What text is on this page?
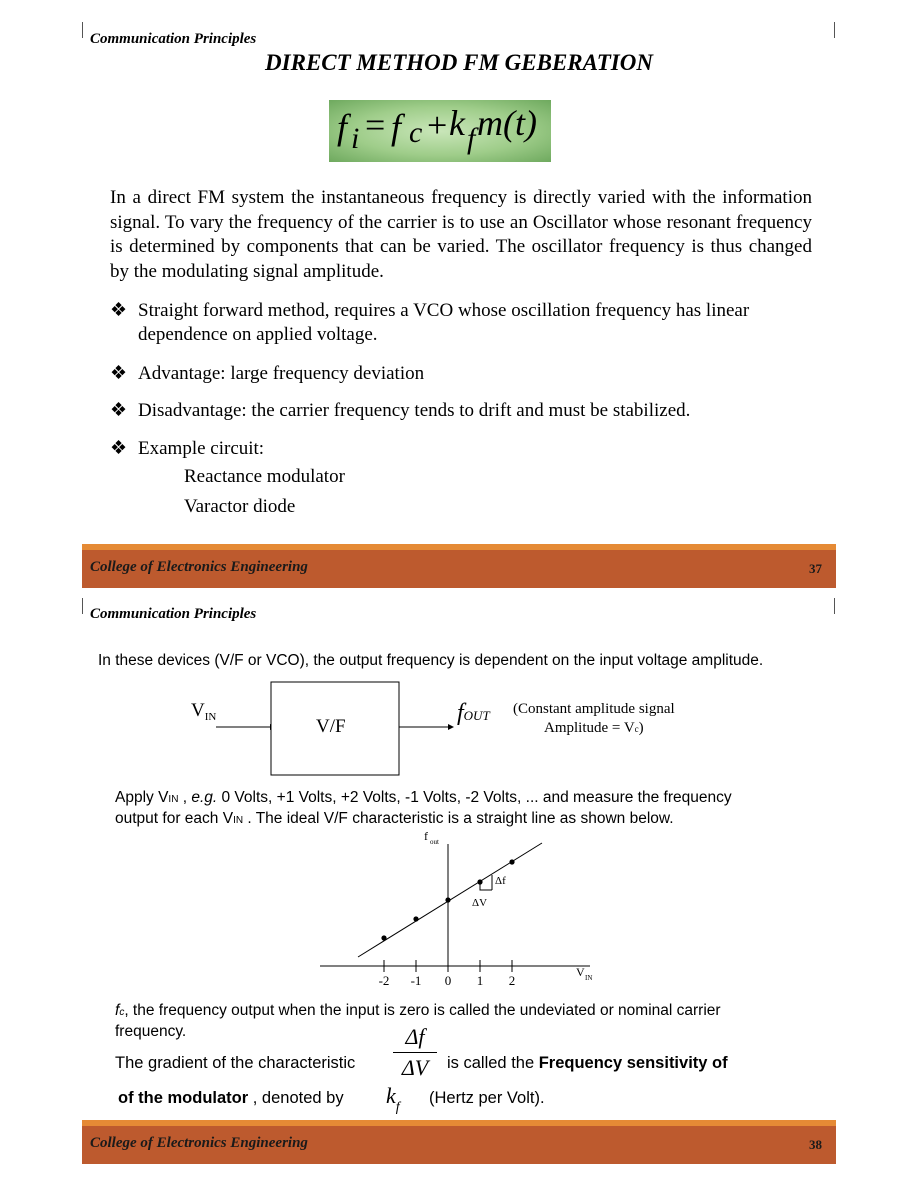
Communication Principles
DIRECT METHOD FM GEBERATION
f i = f c + k f m(t)
In a direct FM system the instantaneous frequency is directly varied with the information signal. To vary the frequency of the carrier is to use an Oscillator whose resonant frequency is determined by components that can be varied. The oscillator frequency is thus changed by the modulating signal amplitude.
❖ Straight forward method, requires a VCO whose oscillation frequency has linear dependence on applied voltage.
❖ Advantage: large frequency deviation
❖ Disadvantage: the carrier frequency tends to drift and must be stabilized.
❖ Example circuit:
Reactance modulator
Varactor diode
College of Electronics Engineering	37
Communication Principles
In these devices (V/F or VCO), the output frequency is dependent on the input voltage amplitude.
$V_{IN}$	V/F
fOUT (Constant amplitude signal
Amplitude = Vc)
Apply VIN , e.g. 0 Volts, +1 Volts, +2 Volts, -1 Volts, -2 Volts, ... and measure the frequency
output for each VIN . The ideal V/F characteristic is a straight line as shown below.
f out
V IN
Δf
ΔV
-2 -1 0 1 2
fc, the frequency output when the input is zero is called the undeviated or nominal carrier
frequency.
The gradient of the characteristic
Δf
ΔV	is called the Frequency sensitivity of
of the modulator , denoted by $k_f$
(Hertz per Volt).
College of Electronics Engineering	38
